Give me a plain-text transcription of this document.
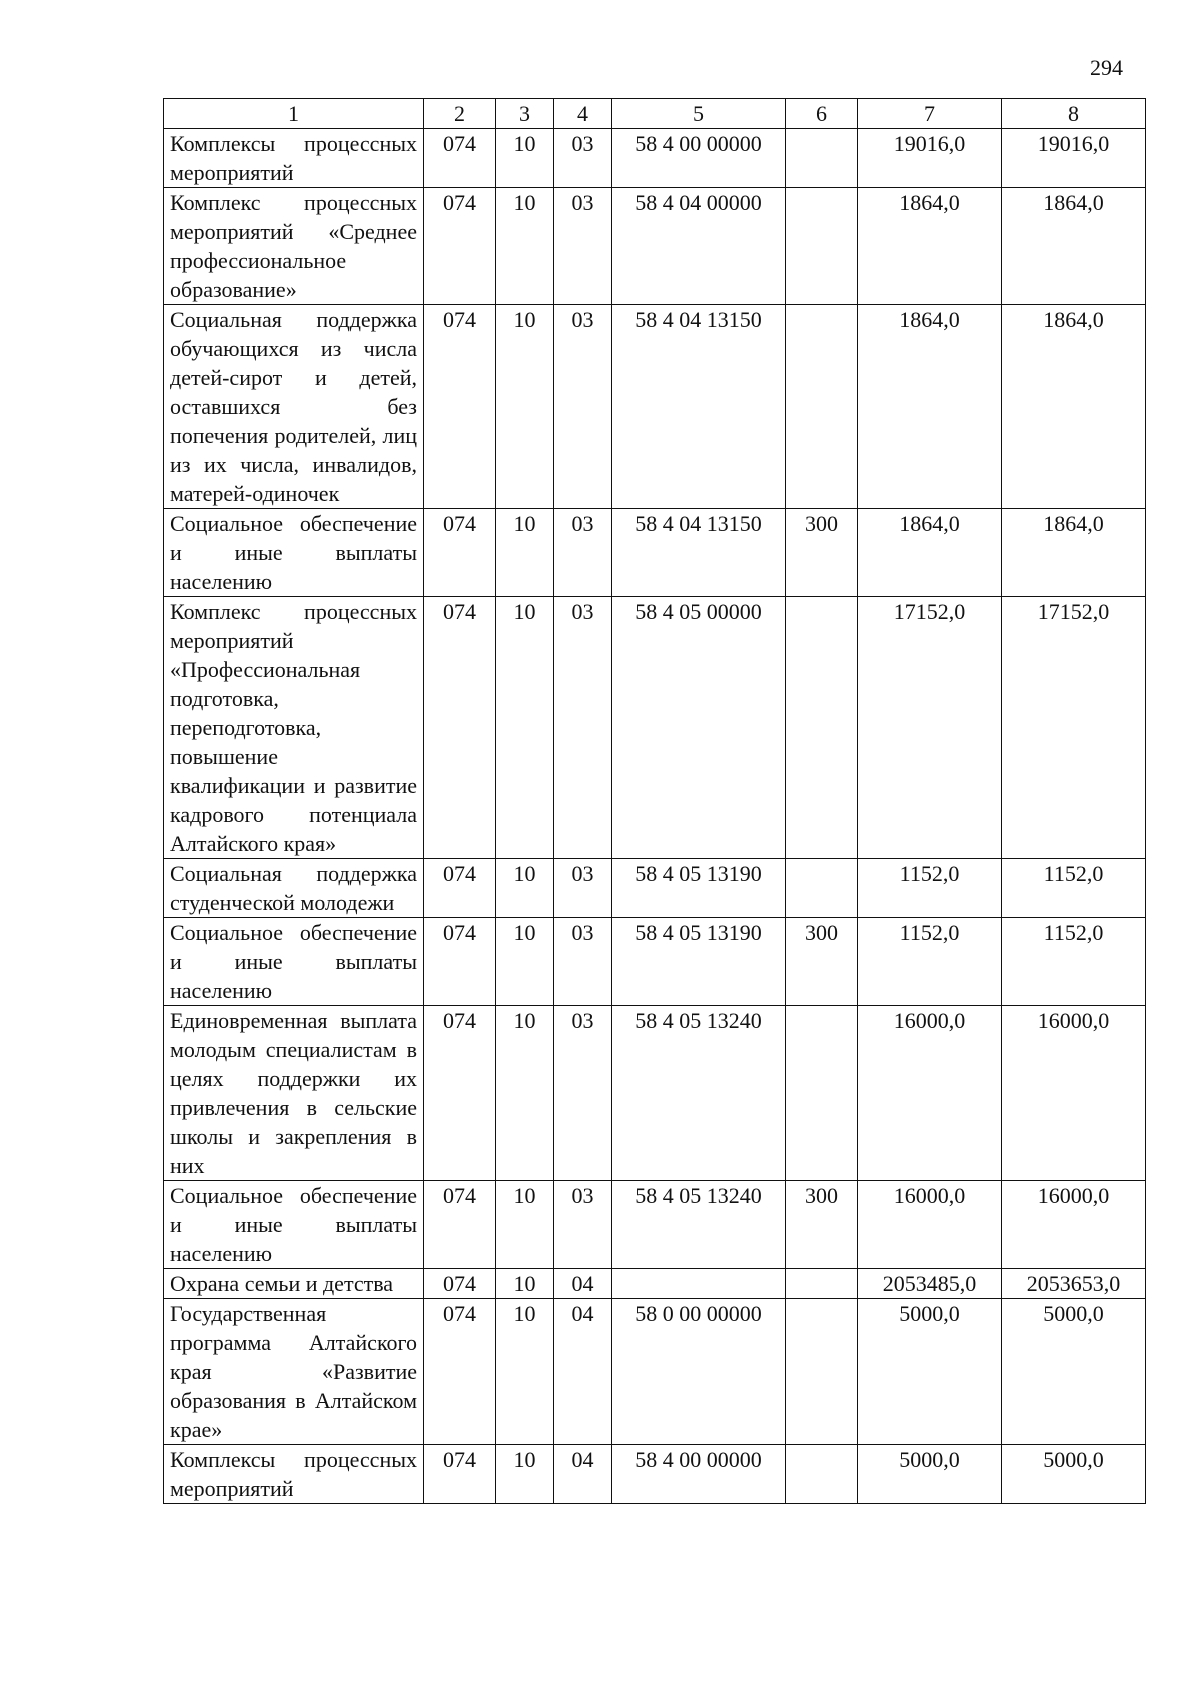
294
1	2	3	4	5	6	7	8
Комплексы процессных мероприятий	074	10	03	58 4 00 00000		19016,0	19016,0
Комплекс процессных мероприятий «Среднее профессиональное образование»	074	10	03	58 4 04 00000		1864,0	1864,0
Социальная поддержка обучающихся из числа детей-сирот и детей, оставшихся без попечения родителей, лиц из их числа, инвалидов, матерей-одиночек	074	10	03	58 4 04 13150		1864,0	1864,0
Социальное обеспечение и иные выплаты населению	074	10	03	58 4 04 13150	300	1864,0	1864,0
Комплекс процессных мероприятий «Профессиональная подготовка, переподготовка, повышение квалификации и развитие кадрового потенциала Алтайского края»	074	10	03	58 4 05 00000		17152,0	17152,0
Социальная поддержка студенческой молодежи	074	10	03	58 4 05 13190		1152,0	1152,0
Социальное обеспечение и иные выплаты населению	074	10	03	58 4 05 13190	300	1152,0	1152,0
Единовременная выплата молодым специалистам в целях поддержки их привлечения в сельские школы и закрепления в них	074	10	03	58 4 05 13240		16000,0	16000,0
Социальное обеспечение и иные выплаты населению	074	10	03	58 4 05 13240	300	16000,0	16000,0
Охрана семьи и детства	074	10	04			2053485,0	2053653,0
Государственная программа Алтайского края «Развитие образования в Алтайском крае»	074	10	04	58 0 00 00000		5000,0	5000,0
Комплексы процессных мероприятий	074	10	04	58 4 00 00000		5000,0	5000,0
